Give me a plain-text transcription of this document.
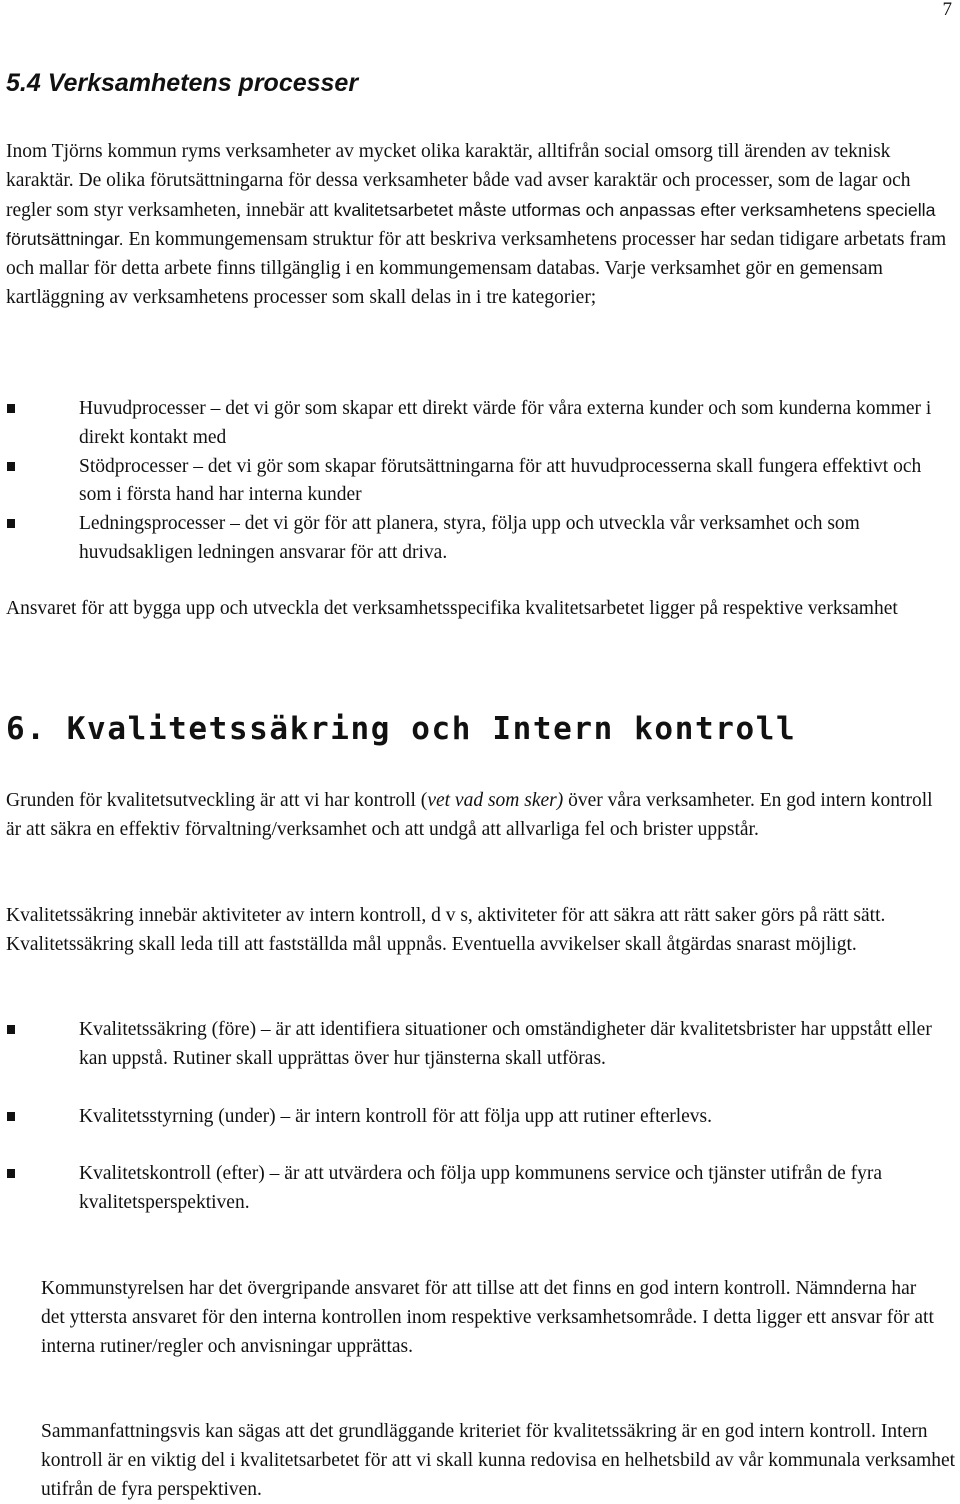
7
5.4 Verksamhetens processer

Inom Tjörns kommun ryms verksamheter av mycket olika karaktär, alltifrån social omsorg till ärenden av teknisk karaktär. De olika förutsättningarna för dessa verksamheter både vad avser karaktär och processer, som de lagar och regler som styr verksamheten, innebär att kvalitetsarbetet måste utformas och anpassas efter verksamhetens speciella förutsättningar. En kommungemensam struktur för att beskriva verksamhetens processer har sedan tidigare arbetats fram och mallar för detta arbete finns tillgänglig i en kommungemensam databas. Varje verksamhet gör en gemensam kartläggning av verksamhetens processer som skall delas in i tre kategorier;

Huvudprocesser – det vi gör som skapar ett direkt värde för våra externa kunder och som kunderna kommer i direkt kontakt med
Stödprocesser – det vi gör som skapar förutsättningarna för att huvudprocesserna skall fungera effektivt och som i första hand har interna kunder
Ledningsprocesser – det vi gör för att planera, styra, följa upp och utveckla vår verksamhet och som huvudsakligen ledningen ansvarar för att driva.

Ansvaret för att bygga upp och utveckla det verksamhetsspecifika kvalitetsarbetet ligger på respektive verksamhet

6. Kvalitetssäkring och Intern kontroll

Grunden för kvalitetsutveckling är att vi har kontroll (vet vad som sker) över våra verksamheter. En god intern kontroll är att säkra en effektiv förvaltning/verksamhet och att undgå att allvarliga fel och brister uppstår.

Kvalitetssäkring innebär aktiviteter av intern kontroll, d v s, aktiviteter för att säkra att rätt saker görs på rätt sätt. Kvalitetssäkring skall leda till att fastställda mål uppnås. Eventuella avvikelser skall åtgärdas snarast möjligt.

Kvalitetssäkring (före) – är att identifiera situationer och omständigheter där kvalitetsbrister har uppstått eller kan uppstå. Rutiner skall upprättas över hur tjänsterna skall utföras.
Kvalitetsstyrning (under) – är intern kontroll för att följa upp att rutiner efterlevs.
Kvalitetskontroll (efter) – är att utvärdera och följa upp kommunens service och tjänster utifrån de fyra kvalitetsperspektiven.

Kommunstyrelsen har det övergripande ansvaret för att tillse att det finns en god intern kontroll. Nämnderna har det yttersta ansvaret för den interna kontrollen inom respektive verksamhetsområde. I detta ligger ett ansvar för att interna rutiner/regler och anvisningar upprättas.

Sammanfattningsvis kan sägas att det grundläggande kriteriet för kvalitetssäkring är en god intern kontroll. Intern kontroll är en viktig del i kvalitetsarbetet för att vi skall kunna redovisa en helhetsbild av vår kommunala verksamhet utifrån de fyra perspektiven.
